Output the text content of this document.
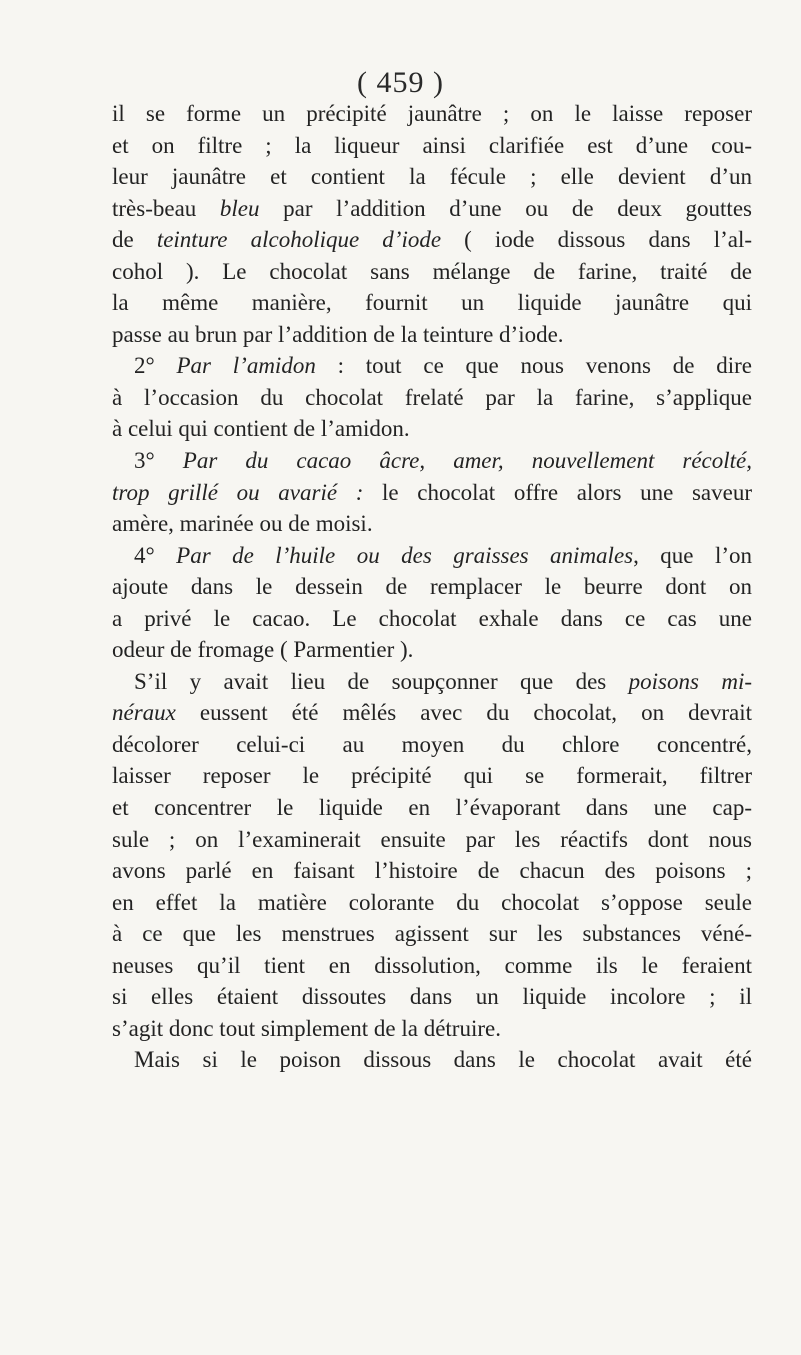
( 459 )
il se forme un précipité jaunâtre ; on le laisse reposer
et on filtre ; la liqueur ainsi clarifiée est d’une cou-
leur jaunâtre et contient la fécule ; elle devient d’un
très-beau bleu par l’addition d’une ou de deux gouttes
de teinture alcoholique d’iode ( iode dissous dans l’al-
cohol ). Le chocolat sans mélange de farine, traité de
la même manière, fournit un liquide jaunâtre qui
passe au brun par l’addition de la teinture d’iode.
2° Par l’amidon : tout ce que nous venons de dire
à l’occasion du chocolat frelaté par la farine, s’applique
à celui qui contient de l’amidon.
3° Par du cacao âcre, amer, nouvellement récolté,
trop grillé ou avarié : le chocolat offre alors une saveur
amère, marinée ou de moisi.
4° Par de l’huile ou des graisses animales, que l’on
ajoute dans le dessein de remplacer le beurre dont on
a privé le cacao. Le chocolat exhale dans ce cas une
odeur de fromage ( Parmentier ).
S’il y avait lieu de soupçonner que des poisons mi-
néraux eussent été mêlés avec du chocolat, on devrait
décolorer celui-ci au moyen du chlore concentré,
laisser reposer le précipité qui se formerait, filtrer
et concentrer le liquide en l’évaporant dans une cap-
sule ; on l’examinerait ensuite par les réactifs dont nous
avons parlé en faisant l’histoire de chacun des poisons ;
en effet la matière colorante du chocolat s’oppose seule
à ce que les menstrues agissent sur les substances véné-
neuses qu’il tient en dissolution, comme ils le feraient
si elles étaient dissoutes dans un liquide incolore ; il
s’agit donc tout simplement de la détruire.
Mais si le poison dissous dans le chocolat avait été
